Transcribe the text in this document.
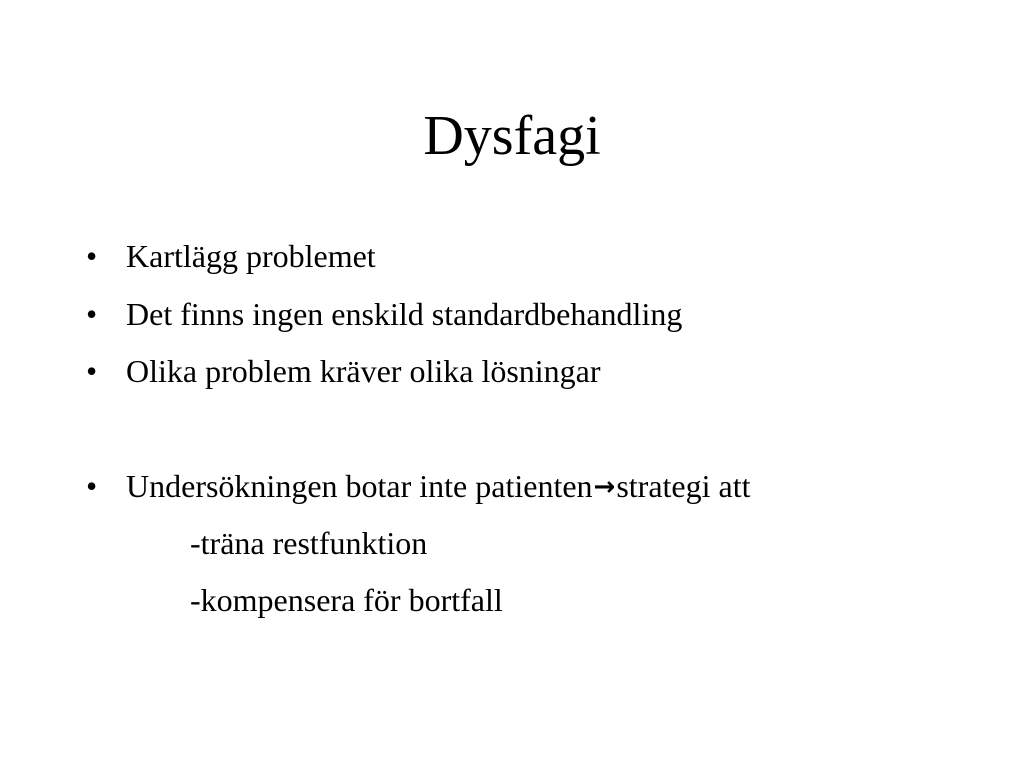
Dysfagi
• Kartlägg problemet
• Det finns ingen enskild standardbehandling
• Olika problem kräver olika lösningar
• Undersökningen botar inte patienten→strategi att
-träna restfunktion
-kompensera för bortfall
